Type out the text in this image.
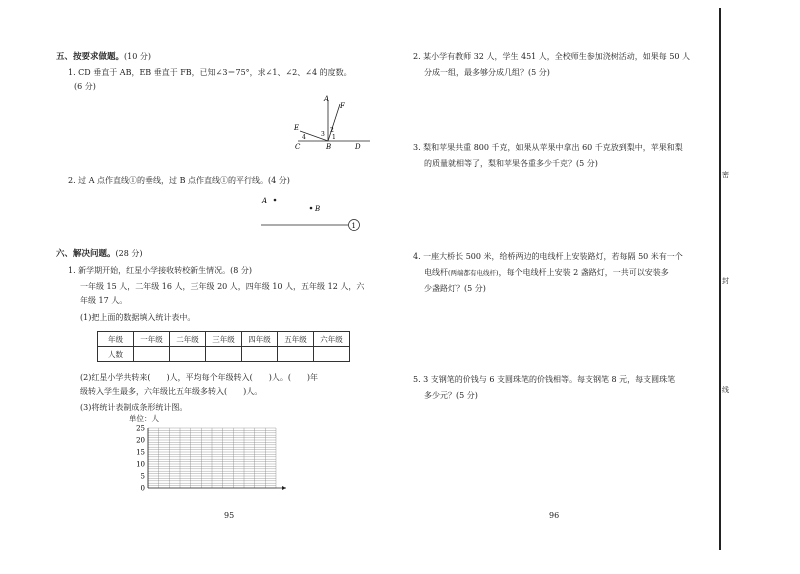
五、按要求做题。(10 分)
1. CD 垂直于 AB，EB 垂直于 FB，已知∠3＝75°，求∠1、∠2、∠4 的度数。
(6 分)
A
F
E
4	3
2
1
C	B	D
2. 过 A 点作直线①的垂线，过 B 点作直线①的平行线。(4 分)
A
B
1
六、解决问题。(28 分)
1. 新学期开始，红星小学接收转校新生情况。(8 分)
一年级 15 人，二年级 16 人，三年级 20 人，四年级 10 人，五年级 12 人，六
年级 17 人。
(1)把上面的数据填入统计表中。
年级	一年级	二年级	三年级	四年级	五年级	六年级
人数						
(2)红星小学共转来(　　)人，平均每个年级转入(　　)人。(　　)年
级转入学生最多，六年级比五年级多转入(　　)人。
(3)将统计表制成条形统计图。
单位：人
25
20
15
10
5
0
95
2. 某小学有教师 32 人，学生 451 人，全校师生参加浇树活动，如果每 50 人
分成一组，最多够分成几组？(5 分)
3. 梨和苹果共重 800 千克，如果从苹果中拿出 60 千克放到梨中，苹果和梨
的质量就相等了，梨和苹果各重多少千克？(5 分)
4. 一座大桥长 500 米，给桥两边的电线杆上安装路灯，若每隔 50 米有一个
电线杆(两端都有电线杆)，每个电线杆上安装 2 盏路灯，一共可以安装多
少盏路灯？(5 分)
5. 3 支钢笔的价钱与 6 支圆珠笔的价钱相等。每支钢笔 8 元，每支圆珠笔
多少元？(5 分)
96
密
封
线
